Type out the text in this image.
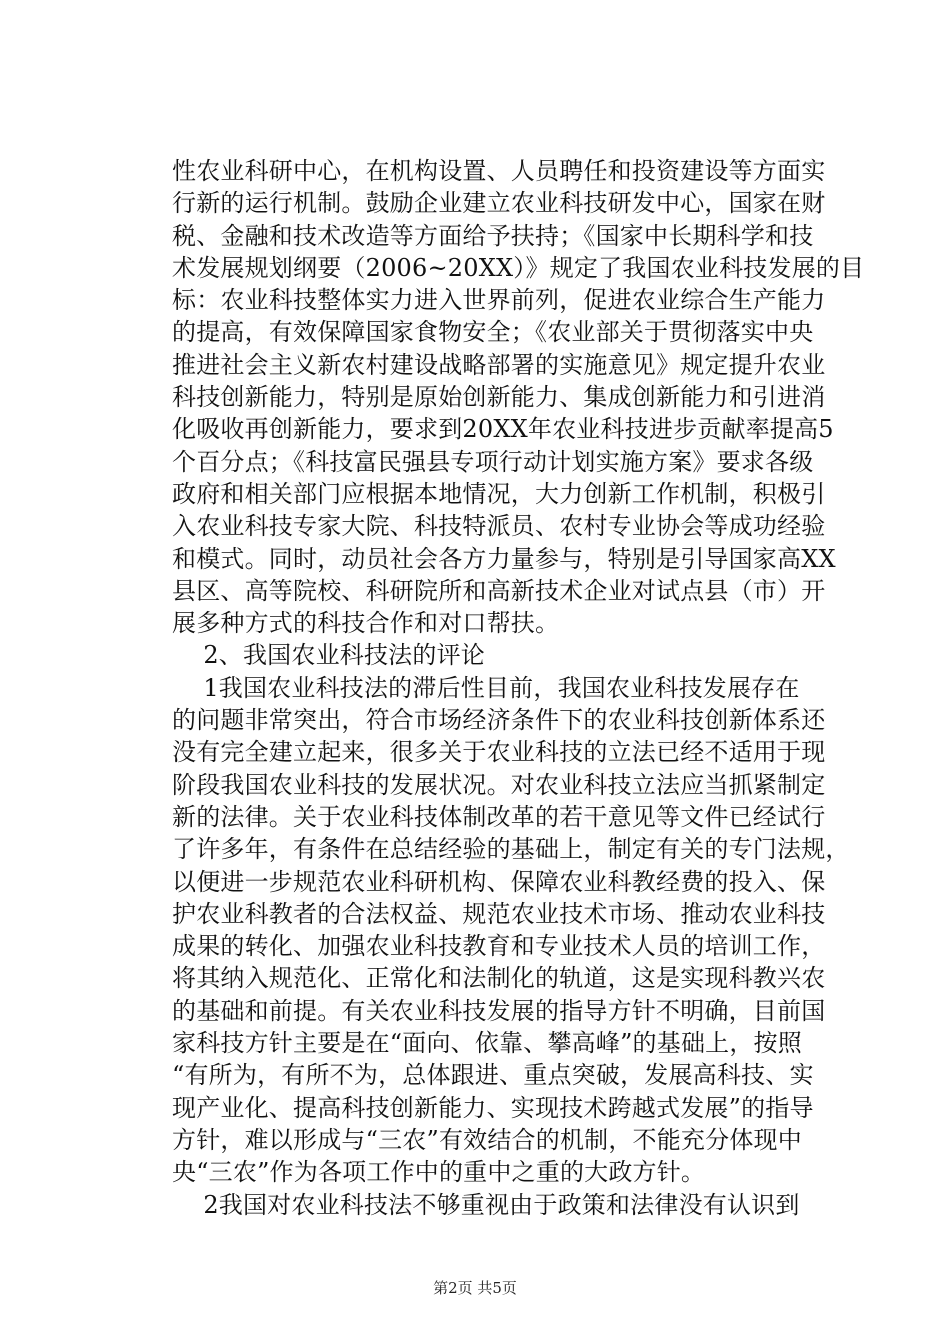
性农业科研中心，在机构设置、人员聘任和投资建设等方面实
行新的运行机制。鼓励企业建立农业科技研发中心，国家在财
税、金融和技术改造等方面给予扶持；《国家中长期科学和技
术发展规划纲要（2006~20XX）》规定了我国农业科技发展的目
标：农业科技整体实力进入世界前列，促进农业综合生产能力
的提高，有效保障国家食物安全；《农业部关于贯彻落实中央
推进社会主义新农村建设战略部署的实施意见》规定提升农业
科技创新能力，特别是原始创新能力、集成创新能力和引进消
化吸收再创新能力，要求到20XX年农业科技进步贡献率提高5
个百分点；《科技富民强县专项行动计划实施方案》要求各级
政府和相关部门应根据本地情况，大力创新工作机制，积极引
入农业科技专家大院、科技特派员、农村专业协会等成功经验
和模式。同时，动员社会各方力量参与，特别是引导国家高XX
县区、高等院校、科研院所和高新技术企业对试点县（市）开
展多种方式的科技合作和对口帮扶。
2、我国农业科技法的评论
1我国农业科技法的滞后性目前，我国农业科技发展存在
的问题非常突出，符合市场经济条件下的农业科技创新体系还
没有完全建立起来，很多关于农业科技的立法已经不适用于现
阶段我国农业科技的发展状况。对农业科技立法应当抓紧制定
新的法律。关于农业科技体制改革的若干意见等文件已经试行
了许多年，有条件在总结经验的基础上，制定有关的专门法规，
以便进一步规范农业科研机构、保障农业科教经费的投入、保
护农业科教者的合法权益、规范农业技术市场、推动农业科技
成果的转化、加强农业科技教育和专业技术人员的培训工作，
将其纳入规范化、正常化和法制化的轨道，这是实现科教兴农
的基础和前提。有关农业科技发展的指导方针不明确，目前国
家科技方针主要是在“面向、依靠、攀高峰”的基础上，按照
“有所为，有所不为，总体跟进、重点突破，发展高科技、实
现产业化、提高科技创新能力、实现技术跨越式发展”的指导
方针，难以形成与“三农”有效结合的机制，不能充分体现中
央“三农”作为各项工作中的重中之重的大政方针。
2我国对农业科技法不够重视由于政策和法律没有认识到
第2页 共5页
